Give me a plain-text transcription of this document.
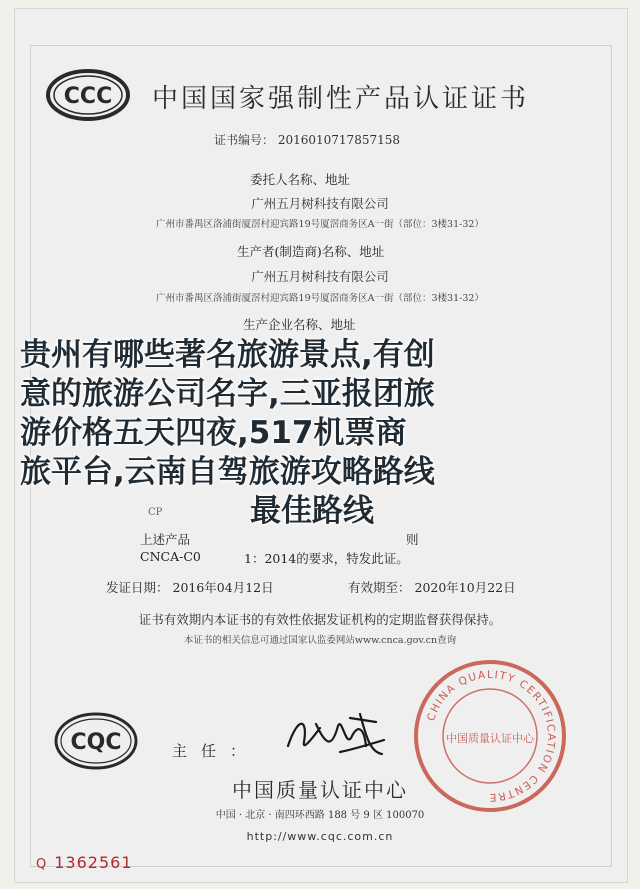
CCC 中国国家强制性产品认证证书
证书编号： 2016010717857158
委托人名称、地址
广州五月树科技有限公司
广州市番禺区洛浦街厦滘村迎宾路19号厦滘商务区A一街（部位：3楼31-32）
生产者(制造商)名称、地址
广州五月树科技有限公司
广州市番禺区洛浦街厦滘村迎宾路19号厦滘商务区A一街（部位：3楼31-32）
生产企业名称、地址
CP
上述产品	则
CNCA-C0	1：2014的要求，特发此证。
贵州有哪些著名旅游景点,有创
意的旅游公司名字,三亚报团旅
游价格五天四夜,517机票商
旅平台,云南自驾旅游攻略路线
最佳路线
发证日期： 2016年04月12日	有效期至： 2020年10月22日
证书有效期内本证书的有效性依据发证机构的定期监督获得保持。
本证书的相关信息可通过国家认监委网站www.cnca.gov.cn查询
CQC	主任：
中国质量认证中心
中国 · 北京 · 南四环西路 188 号 9 区 100070
http://www.cqc.com.cn
Q 1362561
CHINA QUALITY CERTIFICATION CENTRE
中国质量认证中心
